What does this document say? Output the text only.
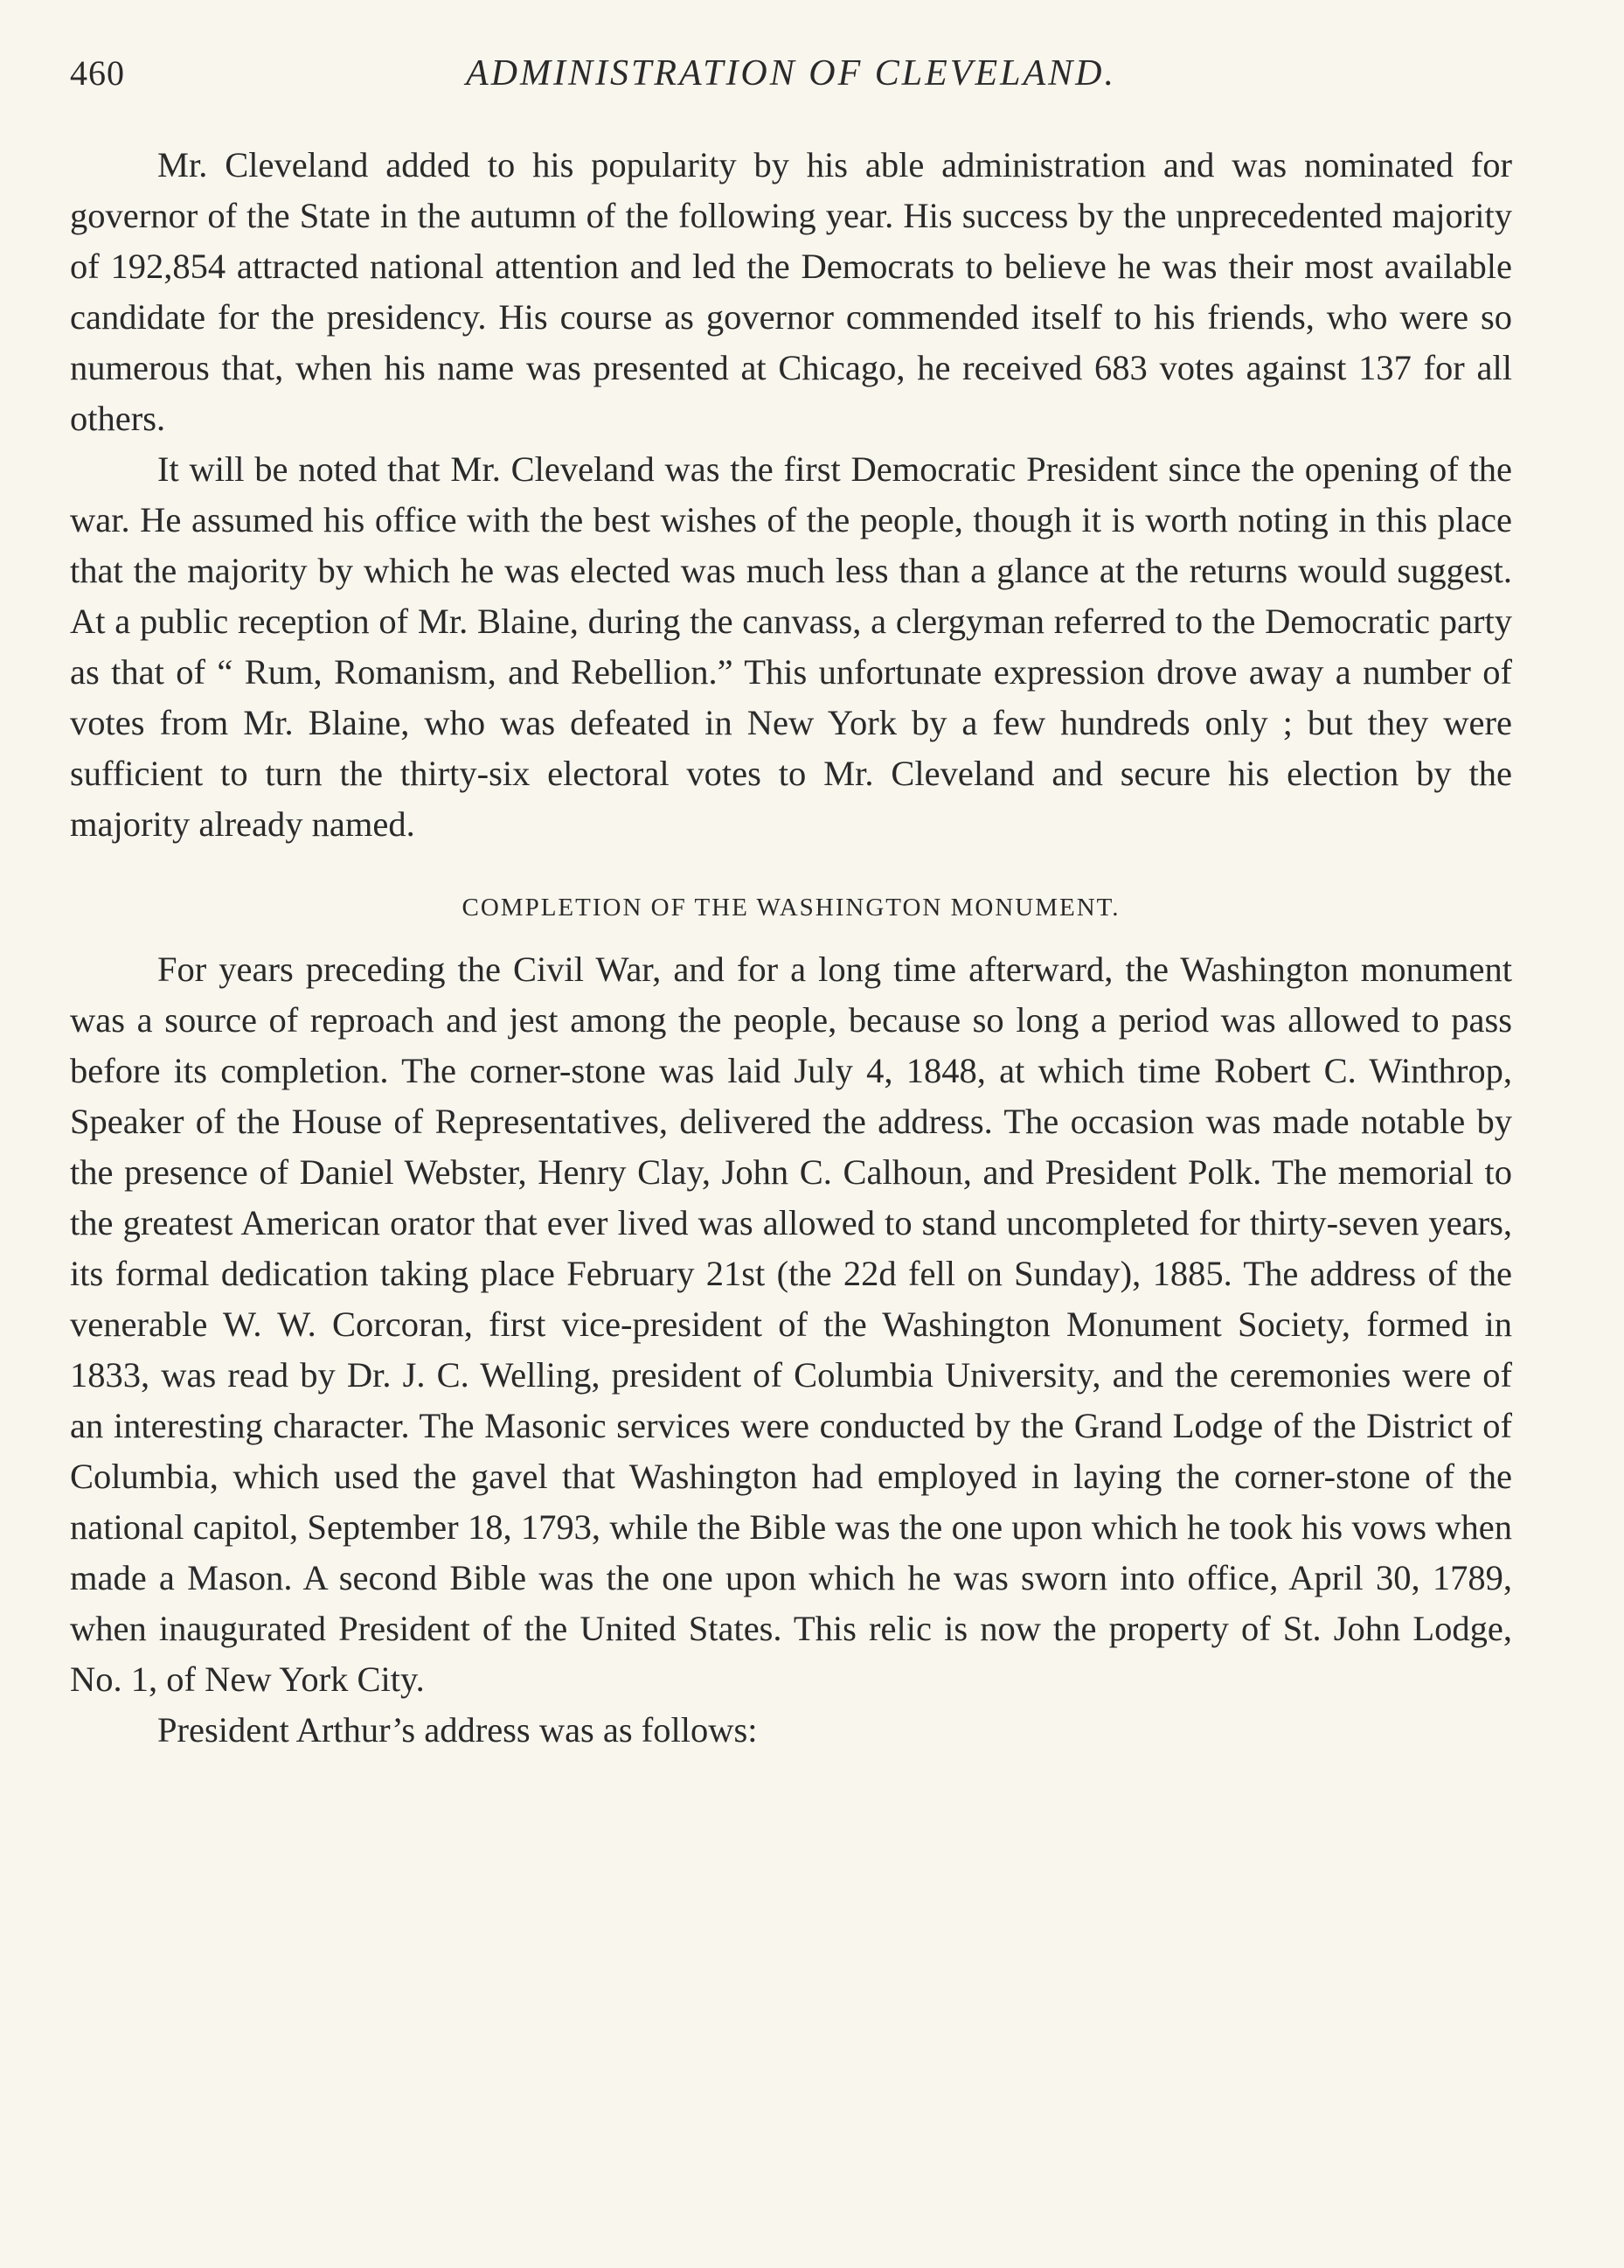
460	ADMINISTRATION OF CLEVELAND.

Mr. Cleveland added to his popularity by his able administration and was nominated for governor of the State in the autumn of the following year. His success by the unprecedented majority of 192,854 attracted national attention and led the Democrats to believe he was their most available candidate for the presidency. His course as governor commended itself to his friends, who were so numerous that, when his name was presented at Chicago, he received 683 votes against 137 for all others.

It will be noted that Mr. Cleveland was the first Democratic President since the opening of the war. He assumed his office with the best wishes of the people, though it is worth noting in this place that the majority by which he was elected was much less than a glance at the returns would suggest. At a public reception of Mr. Blaine, during the canvass, a clergyman referred to the Democratic party as that of “ Rum, Romanism, and Rebellion.” This unfortunate expression drove away a number of votes from Mr. Blaine, who was defeated in New York by a few hundreds only ; but they were sufficient to turn the thirty-six electoral votes to Mr. Cleveland and secure his election by the majority already named.

COMPLETION OF THE WASHINGTON MONUMENT.

For years preceding the Civil War, and for a long time afterward, the Washington monument was a source of reproach and jest among the people, because so long a period was allowed to pass before its completion. The corner-stone was laid July 4, 1848, at which time Robert C. Winthrop, Speaker of the House of Representatives, delivered the address. The occasion was made notable by the presence of Daniel Webster, Henry Clay, John C. Calhoun, and President Polk. The memorial to the greatest American orator that ever lived was allowed to stand uncompleted for thirty-seven years, its formal dedication taking place February 21st (the 22d fell on Sunday), 1885. The address of the venerable W. W. Corcoran, first vice-president of the Washington Monument Society, formed in 1833, was read by Dr. J. C. Welling, president of Columbia University, and the ceremonies were of an interesting character. The Masonic services were conducted by the Grand Lodge of the District of Columbia, which used the gavel that Washington had employed in laying the corner-stone of the national capitol, September 18, 1793, while the Bible was the one upon which he took his vows when made a Mason. A second Bible was the one upon which he was sworn into office, April 30, 1789, when inaugurated President of the United States. This relic is now the property of St. John Lodge, No. 1, of New York City.

President Arthur’s address was as follows:
